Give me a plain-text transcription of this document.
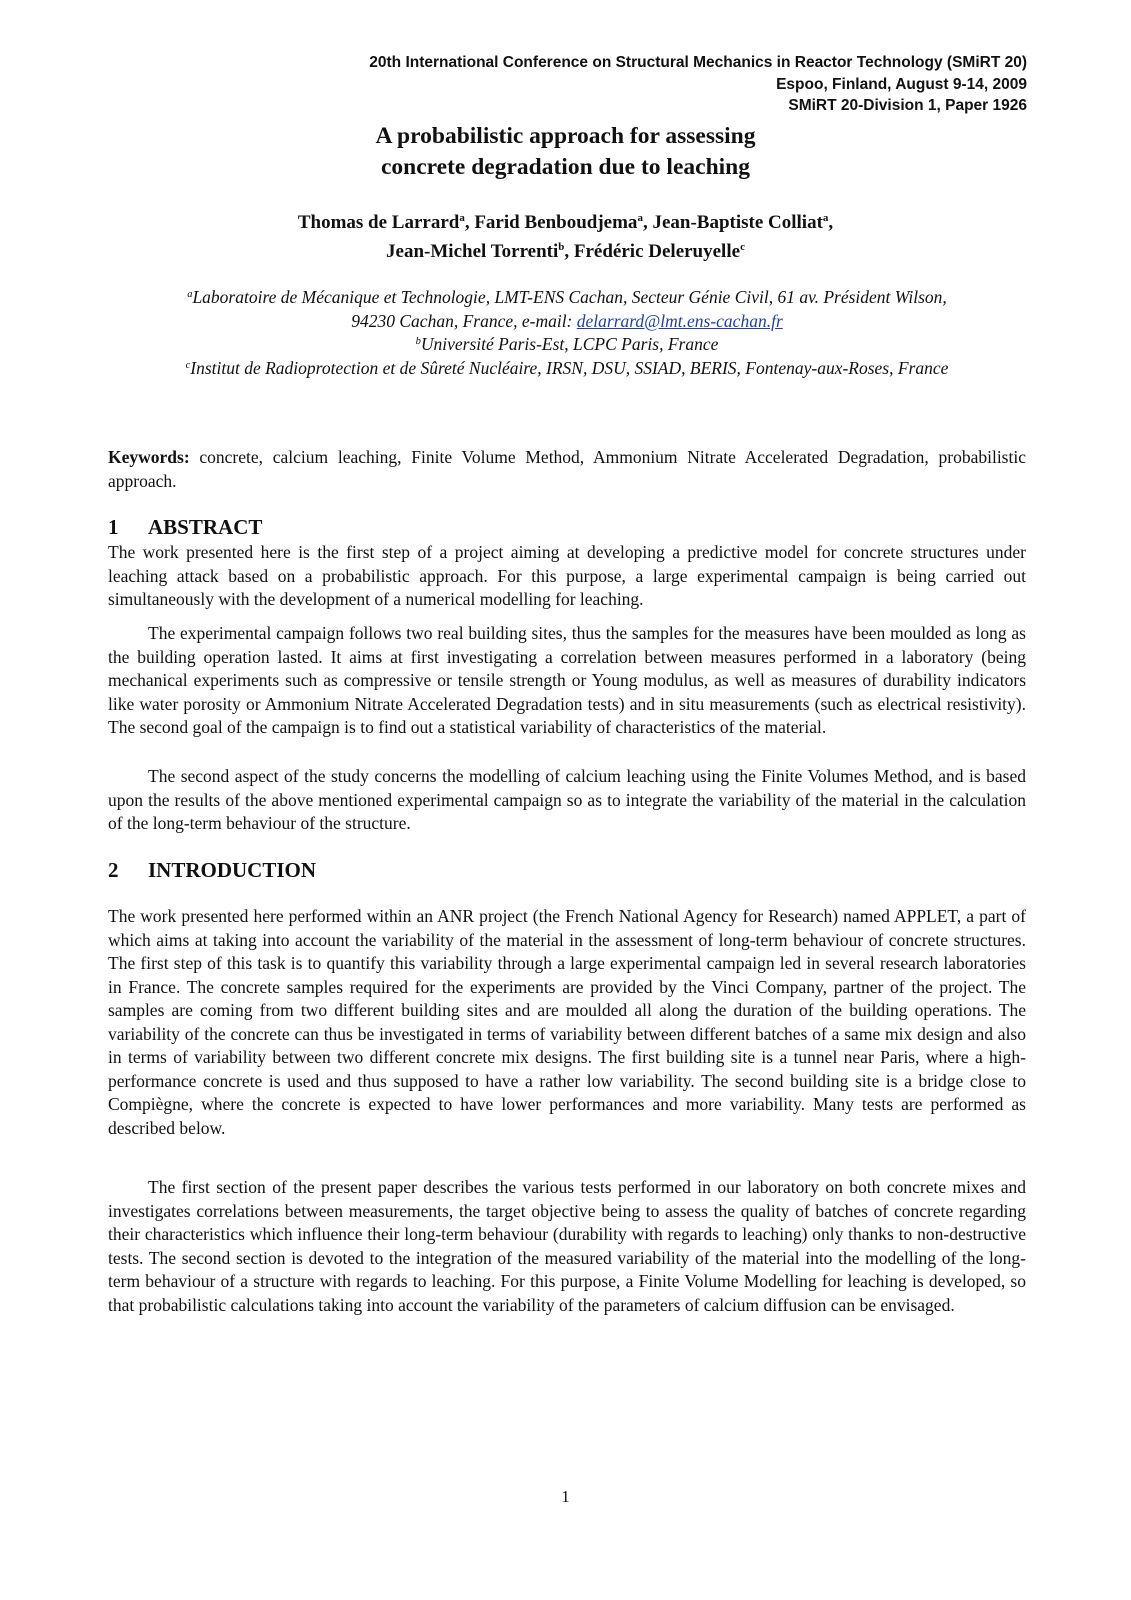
20th International Conference on Structural Mechanics in Reactor Technology (SMiRT 20)
Espoo, Finland, August 9-14, 2009
SMiRT 20-Division 1, Paper 1926
A probabilistic approach for assessing
concrete degradation due to leaching
Thomas de Larrard$^a$, Farid Benboudjema$^a$, Jean-Baptiste Colliat$^a$,
Jean-Michel Torrenti$^b$, Frédéric Deleruyelle$^c$
$^a$Laboratoire de Mécanique et Technologie, LMT-ENS Cachan, Secteur Génie Civil, 61 av. Président Wilson,
94230 Cachan, France, e-mail: delarrard@lmt.ens-cachan.fr
$^b$Université Paris-Est, LCPC Paris, France
$^c$Institut de Radioprotection et de Sûreté Nucléaire, IRSN, DSU, SSIAD, BERIS, Fontenay-aux-Roses, France
Keywords: concrete, calcium leaching, Finite Volume Method, Ammonium Nitrate Accelerated Degradation, probabilistic approach.
1 ABSTRACT

The work presented here is the first step of a project aiming at developing a predictive model for concrete structures under leaching attack based on a probabilistic approach. For this purpose, a large experimental campaign is being carried out simultaneously with the development of a numerical modelling for leaching.

The experimental campaign follows two real building sites, thus the samples for the measures have been moulded as long as the building operation lasted. It aims at first investigating a correlation between measures performed in a laboratory (being mechanical experiments such as compressive or tensile strength or Young modulus, as well as measures of durability indicators like water porosity or Ammonium Nitrate Accelerated Degradation tests) and in situ measurements (such as electrical resistivity). The second goal of the campaign is to find out a statistical variability of characteristics of the material.

The second aspect of the study concerns the modelling of calcium leaching using the Finite Volumes Method, and is based upon the results of the above mentioned experimental campaign so as to integrate the variability of the material in the calculation of the long-term behaviour of the structure.

2 INTRODUCTION

The work presented here performed within an ANR project (the French National Agency for Research) named APPLET, a part of which aims at taking into account the variability of the material in the assessment of long-term behaviour of concrete structures. The first step of this task is to quantify this variability through a large experimental campaign led in several research laboratories in France. The concrete samples required for the experiments are provided by the Vinci Company, partner of the project. The samples are coming from two different building sites and are moulded all along the duration of the building operations. The variability of the concrete can thus be investigated in terms of variability between different batches of a same mix design and also in terms of variability between two different concrete mix designs. The first building site is a tunnel near Paris, where a high-performance concrete is used and thus supposed to have a rather low variability. The second building site is a bridge close to Compiègne, where the concrete is expected to have lower performances and more variability. Many tests are performed as described below.

The first section of the present paper describes the various tests performed in our laboratory on both concrete mixes and investigates correlations between measurements, the target objective being to assess the quality of batches of concrete regarding their characteristics which influence their long-term behaviour (durability with regards to leaching) only thanks to non-destructive tests. The second section is devoted to the integration of the measured variability of the material into the modelling of the long-term behaviour of a structure with regards to leaching. For this purpose, a Finite Volume Modelling for leaching is developed, so that probabilistic calculations taking into account the variability of the parameters of calcium diffusion can be envisaged.

1
